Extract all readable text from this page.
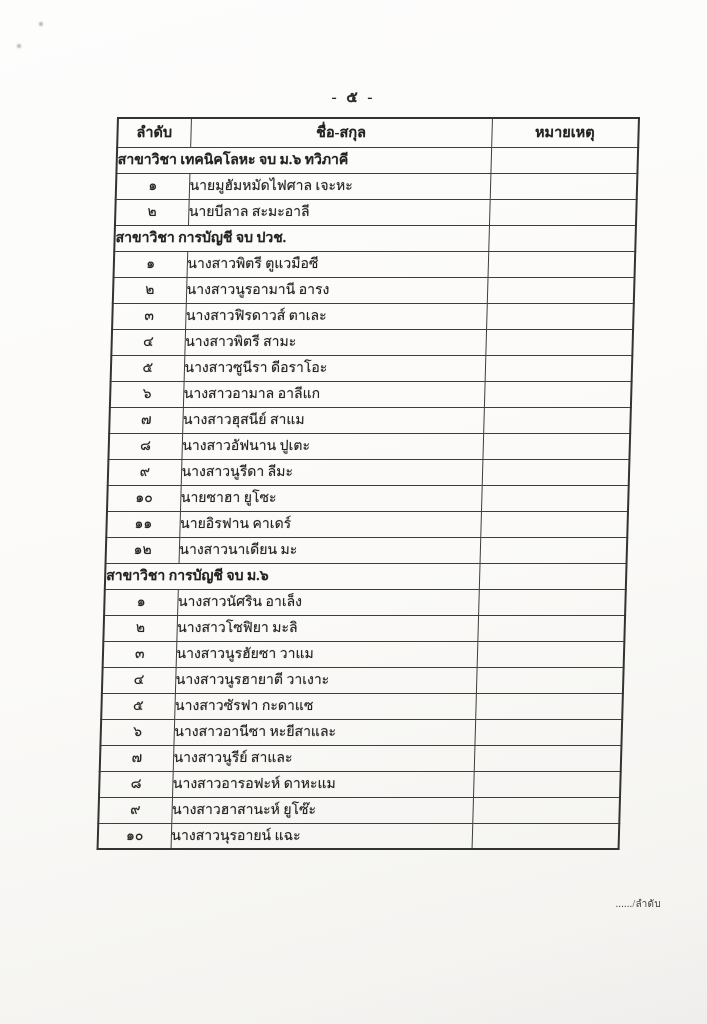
- ๕ -
ลำดับ	ชื่อ-สกุล	หมายเหตุ
สาขาวิชา เทคนิคโลหะ จบ ม.๖ ทวิภาคี		
๑	นายมูฮัมหมัดไฟศาล เจะหะ	
๒	นายบีลาล สะมะอาลี	
สาขาวิชา การบัญชี จบ ปวช.		
๑	นางสาวพิตรี ตูแวมือซี	
๒	นางสาวนูรอามานี อารง	
๓	นางสาวฟิรดาวส์ ตาเละ	
๔	นางสาวพิตรี สามะ	
๕	นางสาวซูนีรา ดีอราโอะ	
๖	นางสาวอามาล อาลีแก	
๗	นางสาวฮุสนีย์ สาแม	
๘	นางสาวอัฟนาน ปูเตะ	
๙	นางสาวนูรีดา ลีมะ	
๑๐	นายซาฮา ยูโซะ	
๑๑	นายอิรฟาน คาเดร์	
๑๒	นางสาวนาเดียน มะ	
สาขาวิชา การบัญชี จบ ม.๖		
๑	นางสาวนัศริน อาเล็ง	
๒	นางสาวโซฟิยา มะลิ	
๓	นางสาวนูรฮัยซา วาแม	
๔	นางสาวนูรฮายาตี วาเงาะ	
๕	นางสาวซัรฟา กะดาแซ	
๖	นางสาวอานีซา หะยีสาและ	
๗	นางสาวนูรีย์ สาและ	
๘	นางสาวอารอฟะห์ ดาหะแม	
๙	นางสาวฮาสานะห์ ยูโซ๊ะ	
๑๐	นางสาวนุรอายน์ แฉะ	
....../ลำดับ
